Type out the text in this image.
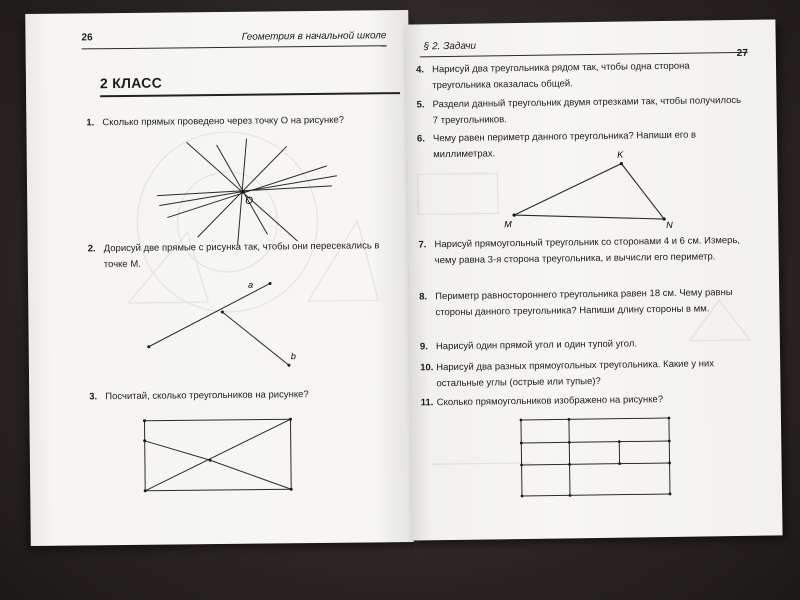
26	Геометрия в начальной школе
2 КЛАСС
1. Сколько прямых проведено через точку O на рисунке?
O
2. Дорисуй две прямые с рисунка так, чтобы они пересекались в точке M.
a
b
3. Посчитай, сколько треугольников на рисунке?
§ 2. Задачи
27
4. Нарисуй два треугольника рядом так, чтобы одна сторона треугольника оказалась общей.
5. Раздели данный треугольник двумя отрезками так, чтобы получилось 7 треугольников.
6. Чему равен периметр данного треугольника? Напиши его в миллиметрах.	K
M	N
7. Нарисуй прямоугольный треугольник со сторонами 4 и 6 см. Измерь, чему равна 3-я сторона треугольника, и вычисли его периметр.
8. Периметр равностороннего треугольника равен 18 см. Чему равны стороны данного треугольника? Напиши длину стороны в мм.
9. Нарисуй один прямой угол и один тупой угол.
10. Нарисуй два разных прямоугольных треугольника. Какие у них остальные углы (острые или тупые)?
11. Сколько прямоугольников изображено на рисунке?
